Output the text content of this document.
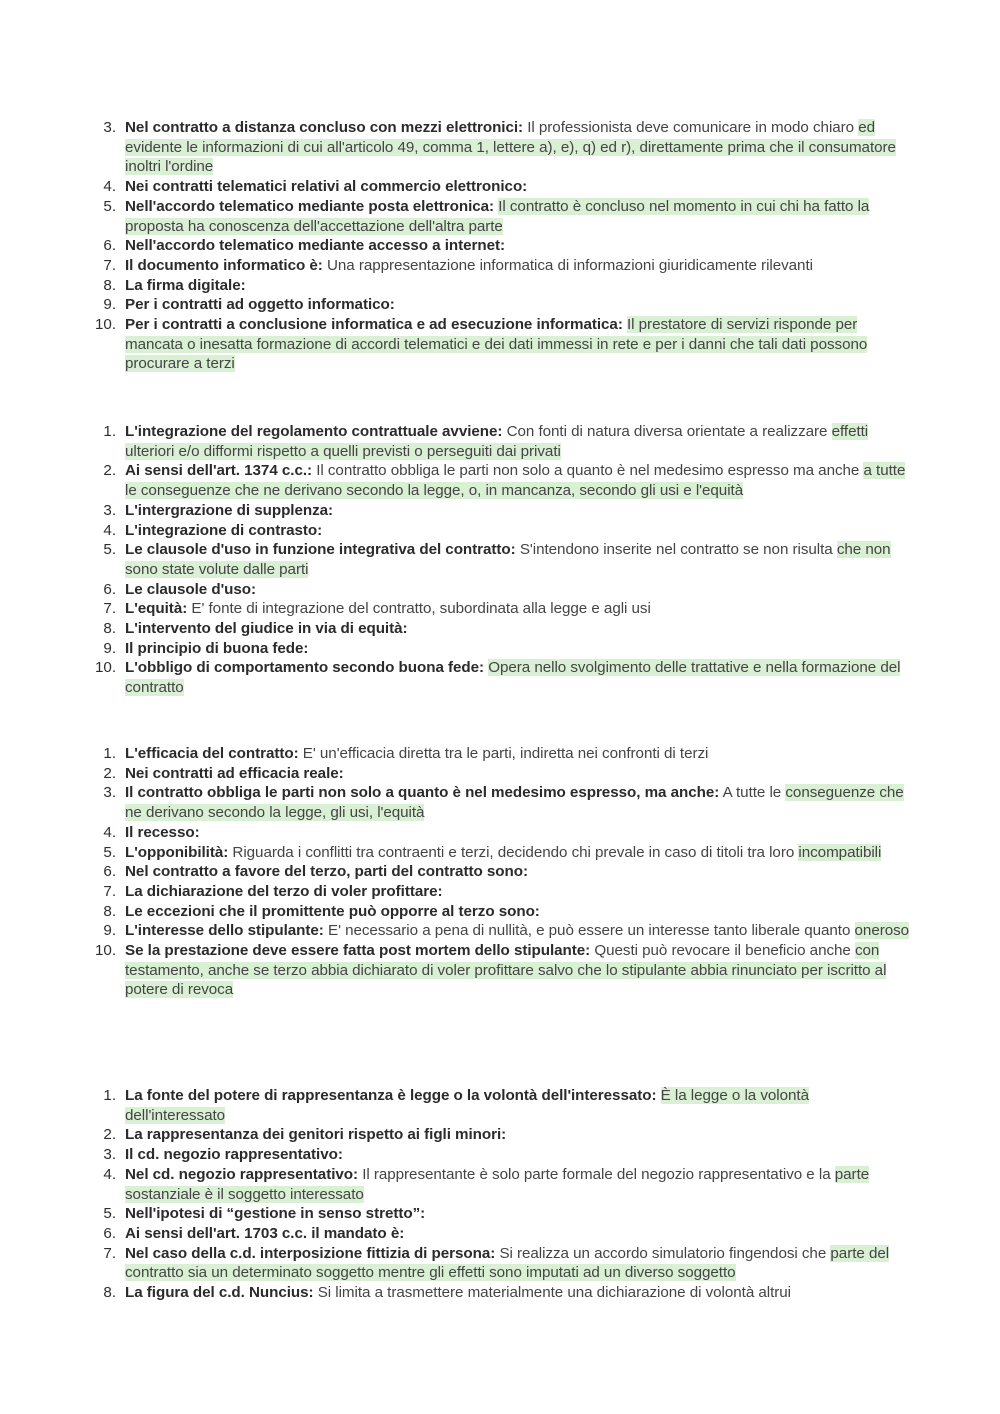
3. Nel contratto a distanza concluso con mezzi elettronici: Il professionista deve comunicare in modo chiaro ed evidente le informazioni di cui all'articolo 49, comma 1, lettere a), e), q) ed r), direttamente prima che il consumatore inoltri l'ordine
4. Nei contratti telematici relativi al commercio elettronico:
5. Nell'accordo telematico mediante posta elettronica: Il contratto è concluso nel momento in cui chi ha fatto la proposta ha conoscenza dell'accettazione dell'altra parte
6. Nell'accordo telematico mediante accesso a internet:
7. Il documento informatico è: Una rappresentazione informatica di informazioni giuridicamente rilevanti
8. La firma digitale:
9. Per i contratti ad oggetto informatico:
10. Per i contratti a conclusione informatica e ad esecuzione informatica: Il prestatore di servizi risponde per mancata o inesatta formazione di accordi telematici e dei dati immessi in rete e per i danni che tali dati possono procurare a terzi
1. L'integrazione del regolamento contrattuale avviene: Con fonti di natura diversa orientate a realizzare effetti ulteriori e/o difformi rispetto a quelli previsti o perseguiti dai privati
2. Ai sensi dell'art. 1374 c.c.: Il contratto obbliga le parti non solo a quanto è nel medesimo espresso ma anche a tutte le conseguenze che ne derivano secondo la legge, o, in mancanza, secondo gli usi e l'equità
3. L'intergrazione di supplenza:
4. L'integrazione di contrasto:
5. Le clausole d'uso in funzione integrativa del contratto: S'intendono inserite nel contratto se non risulta che non sono state volute dalle parti
6. Le clausole d'uso:
7. L'equità: E' fonte di integrazione del contratto, subordinata alla legge e agli usi
8. L'intervento del giudice in via di equità:
9. Il principio di buona fede:
10. L'obbligo di comportamento secondo buona fede: Opera nello svolgimento delle trattative e nella formazione del contratto
1. L'efficacia del contratto: E' un'efficacia diretta tra le parti, indiretta nei confronti di terzi
2. Nei contratti ad efficacia reale:
3. Il contratto obbliga le parti non solo a quanto è nel medesimo espresso, ma anche: A tutte le conseguenze che ne derivano secondo la legge, gli usi, l'equità
4. Il recesso:
5. L'opponibilità: Riguarda i conflitti tra contraenti e terzi, decidendo chi prevale in caso di titoli tra loro incompatibili
6. Nel contratto a favore del terzo, parti del contratto sono:
7. La dichiarazione del terzo di voler profittare:
8. Le eccezioni che il promittente può opporre al terzo sono:
9. L'interesse dello stipulante: E' necessario a pena di nullità, e può essere un interesse tanto liberale quanto oneroso
10. Se la prestazione deve essere fatta post mortem dello stipulante: Questi può revocare il beneficio anche con testamento, anche se terzo abbia dichiarato di voler profittare salvo che lo stipulante abbia rinunciato per iscritto al potere di revoca
1. La fonte del potere di rappresentanza è legge o la volontà dell'interessato: È la legge o la volontà dell'interessato
2. La rappresentanza dei genitori rispetto ai figli minori:
3. Il cd. negozio rappresentativo:
4. Nel cd. negozio rappresentativo: Il rappresentante è solo parte formale del negozio rappresentativo e la parte sostanziale è il soggetto interessato
5. Nell'ipotesi di “gestione in senso stretto”:
6. Ai sensi dell'art. 1703 c.c. il mandato è:
7. Nel caso della c.d. interposizione fittizia di persona: Si realizza un accordo simulatorio fingendosi che parte del contratto sia un determinato soggetto mentre gli effetti sono imputati ad un diverso soggetto
8. La figura del c.d. Nuncius: Si limita a trasmettere materialmente una dichiarazione di volontà altrui
